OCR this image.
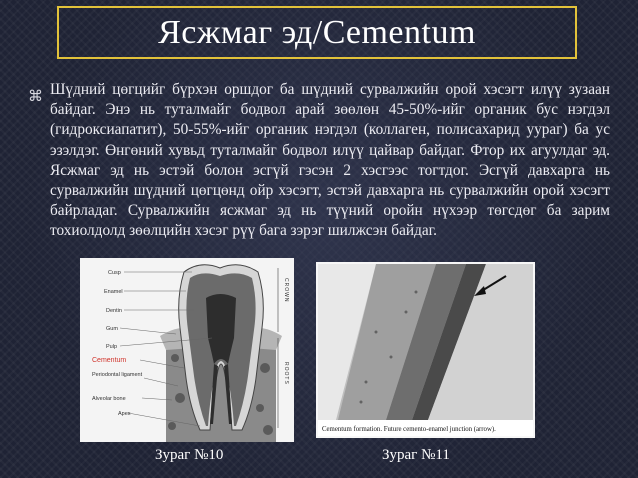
Ясжмаг эд/Cementum
⌘ Шүдний цөгцийг бүрхэн оршдог ба шүдний сурвалжийн орой хэсэгт илүү зузаан байдаг. Энэ нь туталмайг бодвол арай зөөлөн 45-50%-ийг органик бус нэгдэл (гидроксиапатит), 50-55%-ийг органик нэгдэл (коллаген, полисахарид ууpaг) ба ус эзэлдэг. Өнгөний хувьд туталмайг бодвол илүү цайвар байдаг. Фтор их агуулдаг эд. Ясжмаг эд нь эстэй болон эсгүй гэсэн 2 хэсгээс тогтдог. Эсгүй давхарга нь сурвалжийн шүдний цөгцөнд ойр хэсэгт, эстэй давхарга нь сурвалжийн орой хэсэгт байрладаг. Сурвалжийн ясжмаг эд нь түүний оройн нүхээр төгсдөг ба зарим тохиолдолд зөөлцийн хэсэг рүү бага зэрэг шилжсэн байдаг.
Cusp
Enamel
Dentin
Gum
Pulp
Cementum
Periodontal ligament
Alveolar bone
Apex
CROWN
ROOTS
Cementum formation. Future cemento-enamel junction (arrow).
Зураг №10	Зураг №11
